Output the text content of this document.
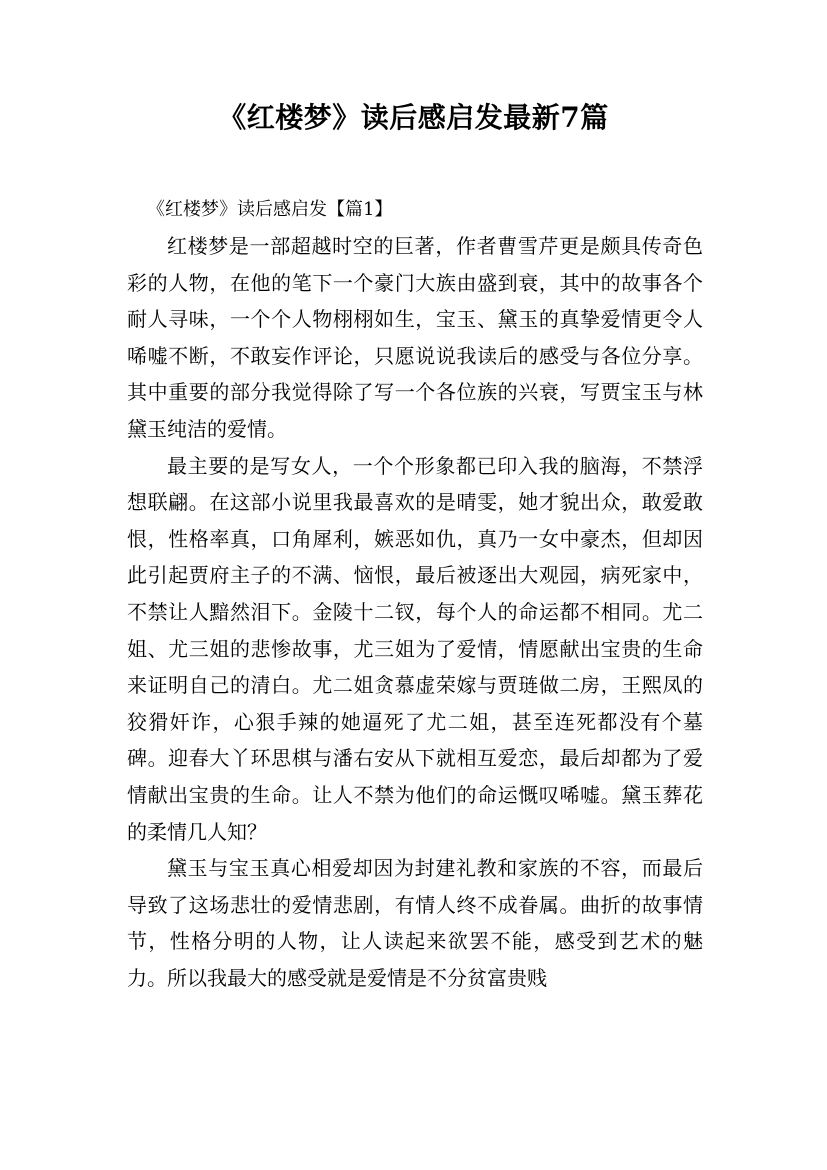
《红楼梦》读后感启发最新7篇
《红楼梦》读后感启发【篇1】

红楼梦是一部超越时空的巨著，作者曹雪芹更是颇具传奇色彩的人物，在他的笔下一个豪门大族由盛到衰，其中的故事各个耐人寻味，一个个人物栩栩如生，宝玉、黛玉的真挚爱情更令人唏嘘不断，不敢妄作评论，只愿说说我读后的感受与各位分享。其中重要的部分我觉得除了写一个各位族的兴衰，写贾宝玉与林黛玉纯洁的爱情。

最主要的是写女人，一个个形象都已印入我的脑海，不禁浮想联翩。在这部小说里我最喜欢的是晴雯，她才貌出众，敢爱敢恨，性格率真，口角犀利，嫉恶如仇，真乃一女中豪杰，但却因此引起贾府主子的不满、恼恨，最后被逐出大观园，病死家中，不禁让人黯然泪下。金陵十二钗，每个人的命运都不相同。尤二姐、尤三姐的悲惨故事，尤三姐为了爱情，情愿献出宝贵的生命来证明自己的清白。尤二姐贪慕虚荣嫁与贾琏做二房，王熙凤的狡猾奸诈，心狠手辣的她逼死了尤二姐，甚至连死都没有个墓碑。迎春大丫环思棋与潘右安从下就相互爱恋，最后却都为了爱情献出宝贵的生命。让人不禁为他们的命运慨叹唏嘘。黛玉葬花的柔情几人知？

黛玉与宝玉真心相爱却因为封建礼教和家族的不容，而最后导致了这场悲壮的爱情悲剧，有情人终不成眷属。曲折的故事情节，性格分明的人物，让人读起来欲罢不能，感受到艺术的魅力。所以我最大的感受就是爱情是不分贫富贵贱
